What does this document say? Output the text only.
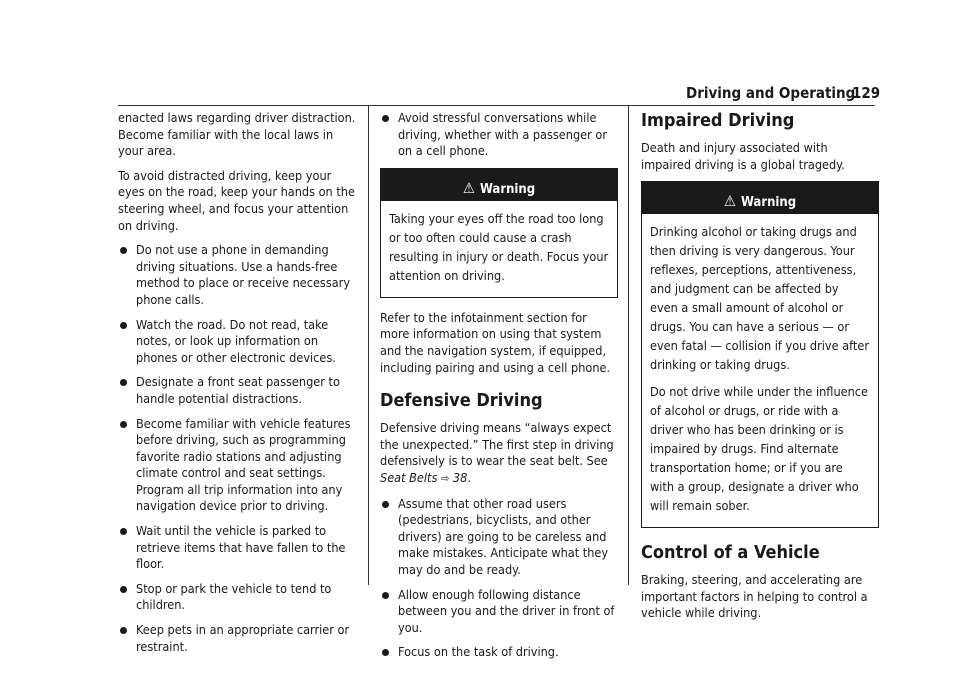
Driving and Operating
129

enacted laws regarding driver distraction. Become familiar with the local laws in your area.

To avoid distracted driving, keep your eyes on the road, keep your hands on the steering wheel, and focus your attention on driving.

Do not use a phone in demanding driving situations. Use a hands-free method to place or receive necessary phone calls.
Watch the road. Do not read, take notes, or look up information on phones or other electronic devices.
Designate a front seat passenger to handle potential distractions.
Become familiar with vehicle features before driving, such as programming favorite radio stations and adjusting climate control and seat settings. Program all trip information into any navigation device prior to driving.
Wait until the vehicle is parked to retrieve items that have fallen to the floor.
Stop or park the vehicle to tend to children.
Keep pets in an appropriate carrier or restraint.
Avoid stressful conversations while driving, whether with a passenger or on a cell phone.
⚠ Warning

Taking your eyes off the road too long or too often could cause a crash resulting in injury or death. Focus your attention on driving.

Refer to the infotainment section for more information on using that system and the navigation system, if equipped, including pairing and using a cell phone.

Defensive Driving

Defensive driving means “always expect the unexpected.” The first step in driving defensively is to wear the seat belt. See Seat Belts ⇨ 38.

Assume that other road users (pedestrians, bicyclists, and other drivers) are going to be careless and make mistakes. Anticipate what they may do and be ready.
Allow enough following distance between you and the driver in front of you.
Focus on the task of driving.
Impaired Driving

Death and injury associated with impaired driving is a global tragedy.

⚠ Warning

Drinking alcohol or taking drugs and then driving is very dangerous. Your reflexes, perceptions, attentiveness, and judgment can be affected by even a small amount of alcohol or drugs. You can have a serious — or even fatal — collision if you drive after drinking or taking drugs.

Do not drive while under the influence of alcohol or drugs, or ride with a driver who has been drinking or is impaired by drugs. Find alternate transportation home; or if you are with a group, designate a driver who will remain sober.

Control of a Vehicle

Braking, steering, and accelerating are important factors in helping to control a vehicle while driving.
